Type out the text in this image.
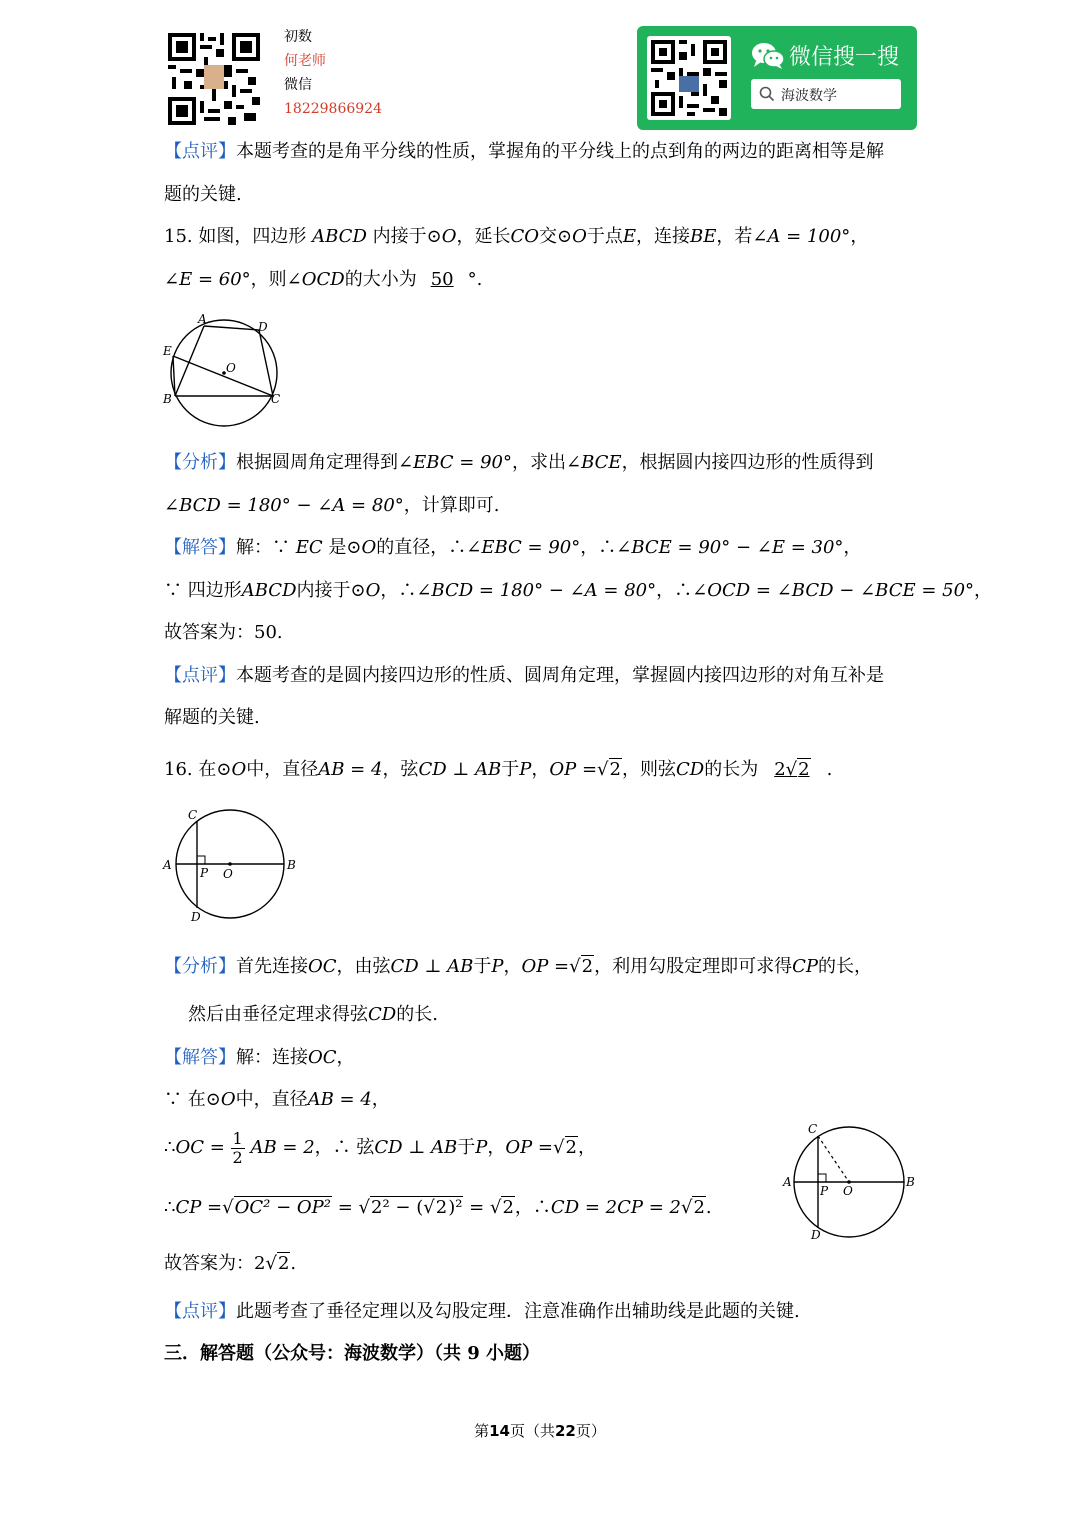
初数
何老师
微信
18229866924
微信搜一搜
海波数学
【点评】本题考查的是角平分线的性质，掌握角的平分线上的点到角的两边的距离相等是解
题的关键.
15. 如图，四边形 ABCD 内接于⊙O，延长CO交⊙O于点E，连接BE，若∠A = 100°，
∠E = 60°，则∠OCD的大小为 50 °.
A
D
E
O
B	C
【分析】根据圆周角定理得到∠EBC = 90°，求出∠BCE，根据圆内接四边形的性质得到
∠BCD = 180° − ∠A = 80°，计算即可.
【解答】解：∵ EC 是⊙O的直径，∴∠EBC = 90°，∴∠BCE = 90° − ∠E = 30°，
∵ 四边形ABCD内接于⊙O，∴∠BCD = 180° − ∠A = 80°，∴∠OCD = ∠BCD − ∠BCE = 50°，
故答案为：50.
【点评】本题考查的是圆内接四边形的性质、圆周角定理，掌握圆内接四边形的对角互补是
解题的关键.
16. 在⊙O中，直径AB = 4，弦CD ⊥ AB于P，OP =√2，则弦CD的长为 2√2 .
C
A
P O
B
D
【分析】首先连接OC，由弦CD ⊥ AB于P，OP =√2，利用勾股定理即可求得CP的长，
然后由垂径定理求得弦CD的长.
【解答】解：连接OC，
∵ 在⊙O中，直径AB = 4，
∴OC = $\frac{1}{2}$ AB = 2，∴ 弦CD ⊥ AB于P，OP =√2，
∴CP =√OC² − OP² = √2² − (√2)² = √2，∴CD = 2CP = 2√2.
C
A
P O
B
D
故答案为：2√2.
【点评】此题考查了垂径定理以及勾股定理．注意准确作出辅助线是此题的关键.
三．解答题（公众号：海波数学）（共 9 小题）
第14页（共22页）
